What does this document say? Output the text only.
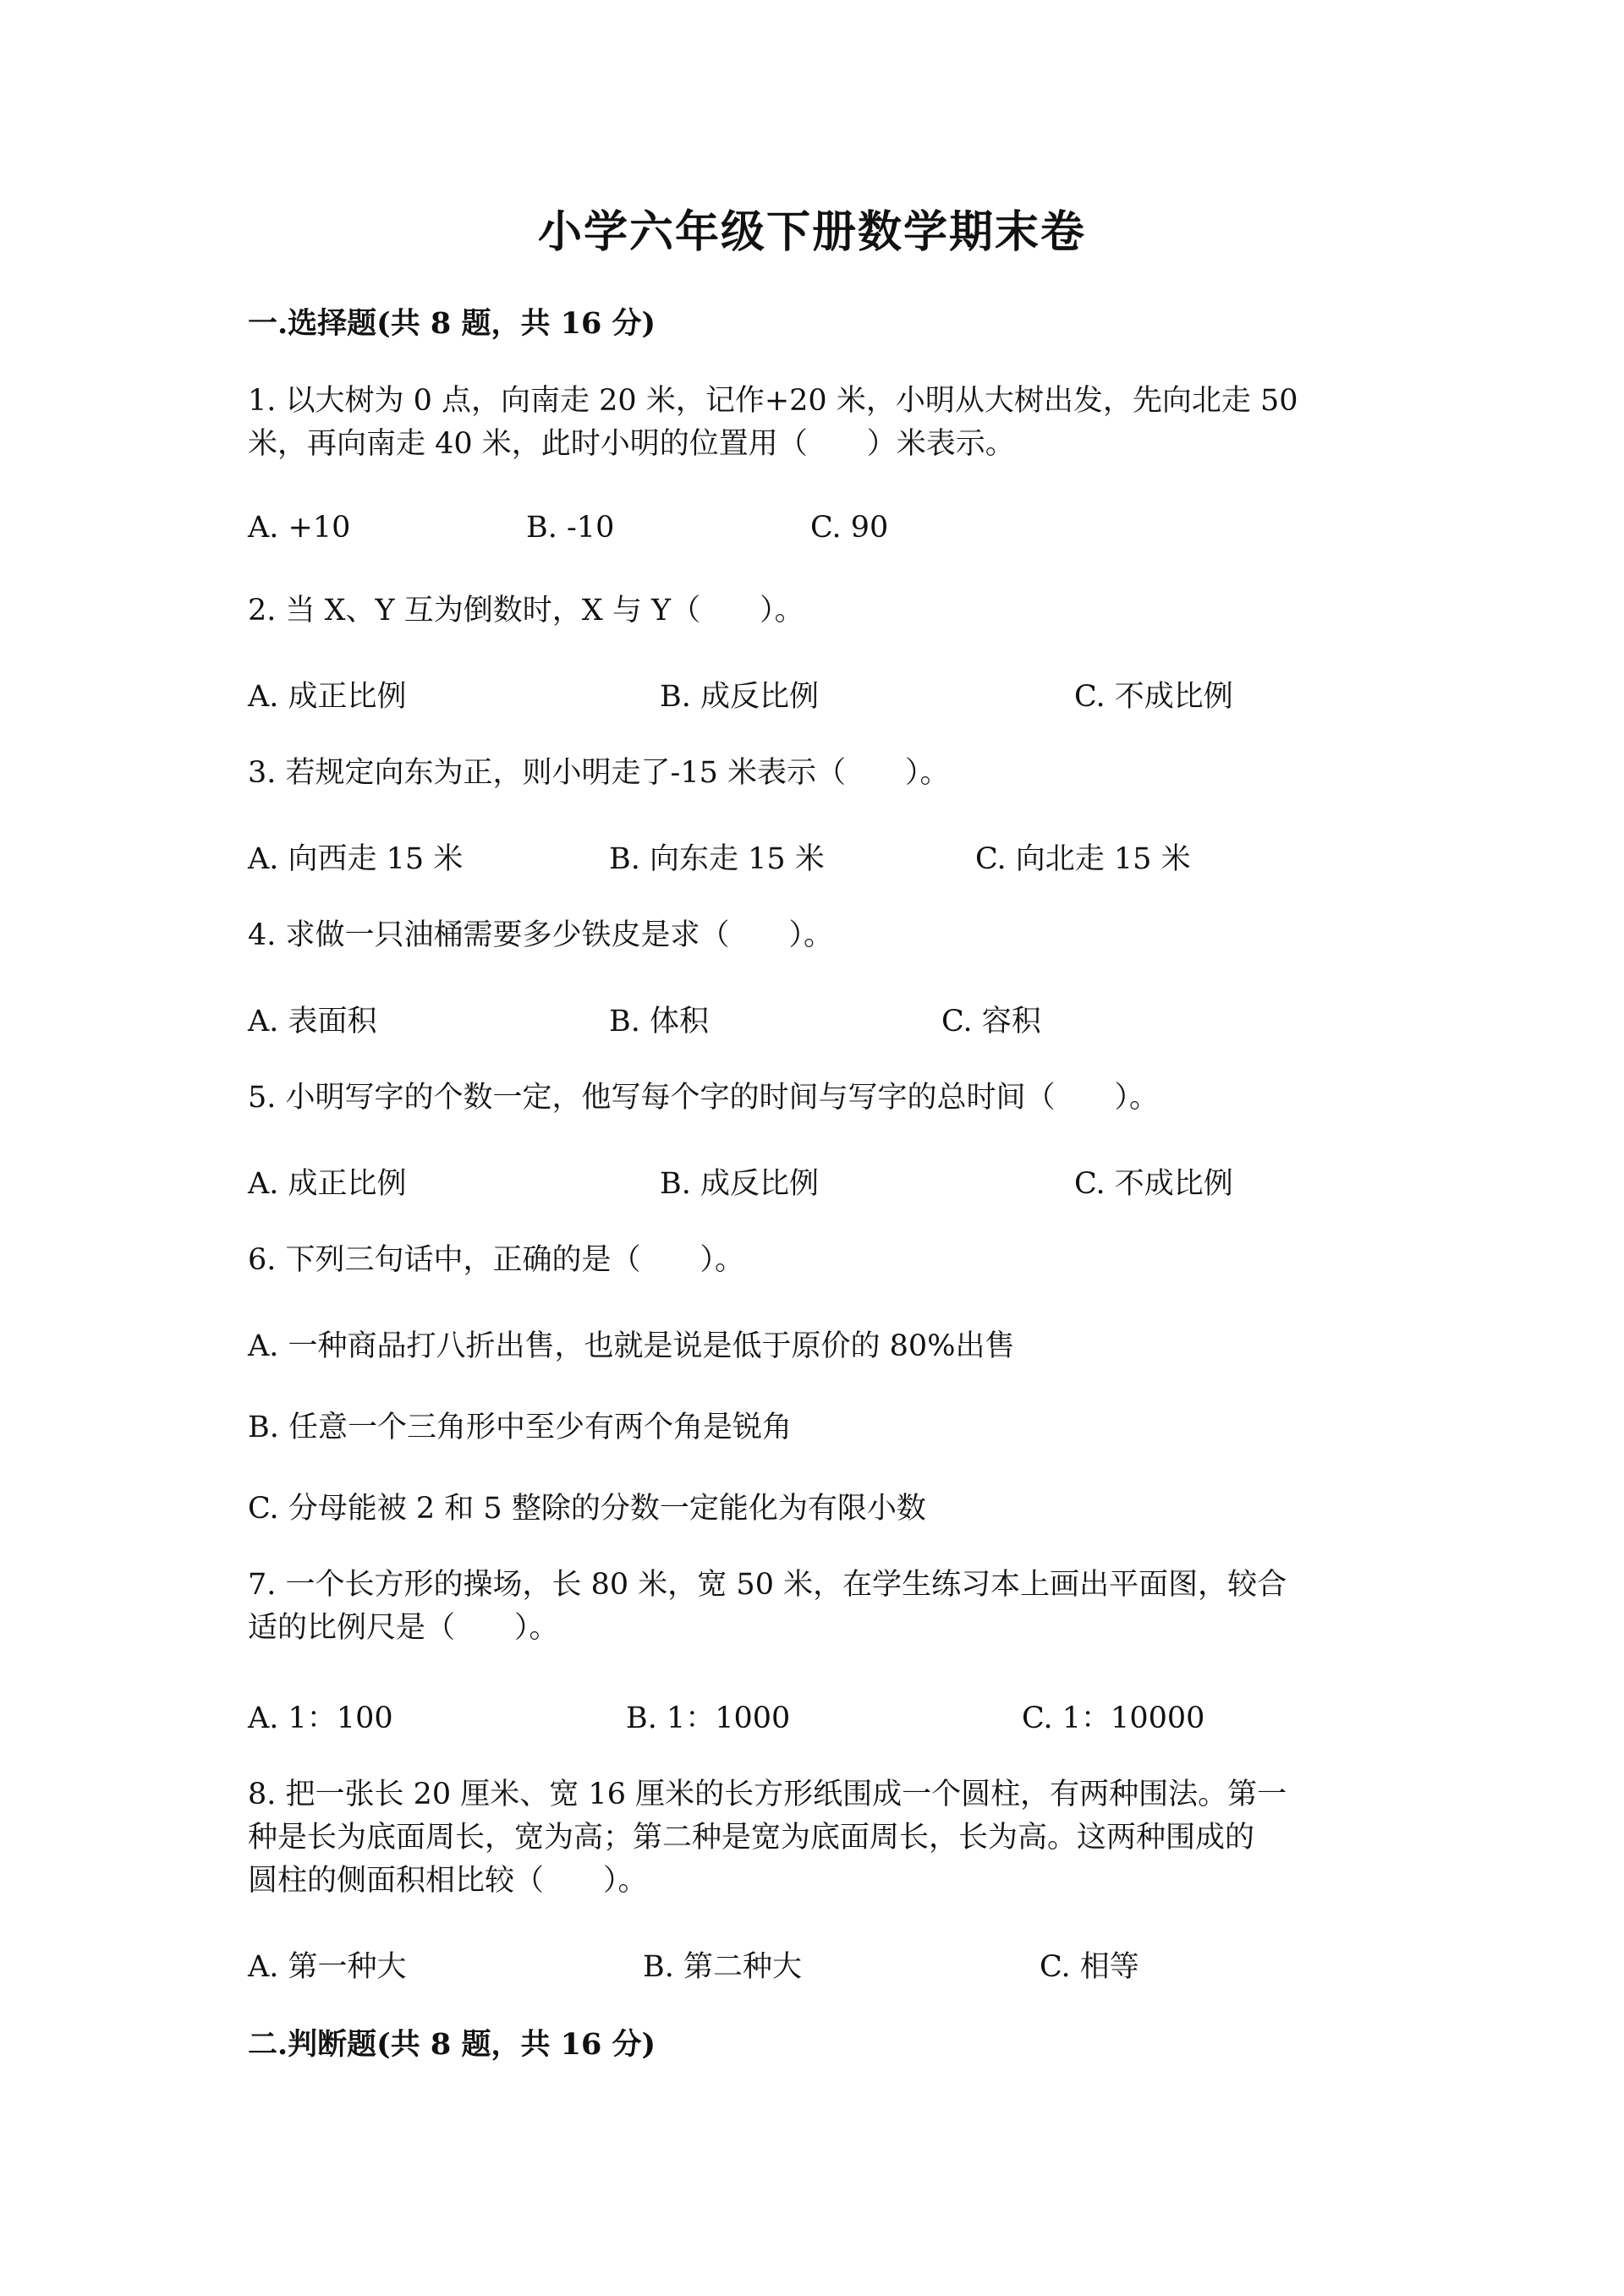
小学六年级下册数学期末卷
一.选择题(共 8 题，共 16 分)
1. 以大树为 0 点，向南走 20 米，记作+20 米，小明从大树出发，先向北走 50
米，再向南走 40 米，此时小明的位置用（　　）米表示。
A. +10	B. -10	C. 90
2. 当 X、Y 互为倒数时，X 与 Y（　　）。
A. 成正比例	B. 成反比例	C. 不成比例
3. 若规定向东为正，则小明走了-15 米表示（　　）。
A. 向西走 15 米	B. 向东走 15 米	C. 向北走 15 米
4. 求做一只油桶需要多少铁皮是求（　　）。
A. 表面积	B. 体积	C. 容积
5. 小明写字的个数一定，他写每个字的时间与写字的总时间（　　）。
A. 成正比例	B. 成反比例	C. 不成比例
6. 下列三句话中，正确的是（　　）。
A. 一种商品打八折出售，也就是说是低于原价的 80%出售
B. 任意一个三角形中至少有两个角是锐角
C. 分母能被 2 和 5 整除的分数一定能化为有限小数
7. 一个长方形的操场，长 80 米，宽 50 米，在学生练习本上画出平面图，较合
适的比例尺是（　　）。
A. 1：100	B. 1：1000	C. 1：10000
8. 把一张长 20 厘米、宽 16 厘米的长方形纸围成一个圆柱，有两种围法。第一
种是长为底面周长，宽为高；第二种是宽为底面周长，长为高。这两种围成的
圆柱的侧面积相比较（　　）。
A. 第一种大	B. 第二种大	C. 相等
二.判断题(共 8 题，共 16 分)
